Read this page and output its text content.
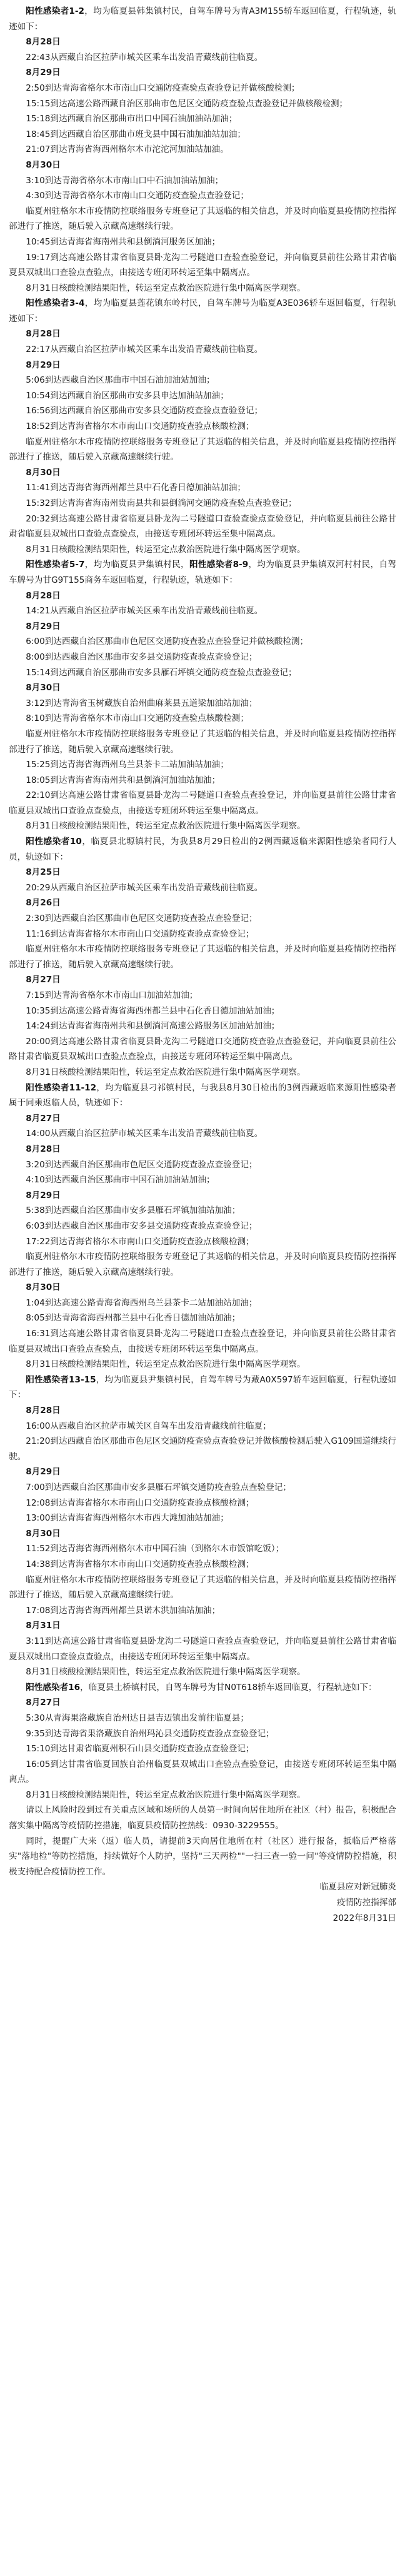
阳性感染者1-2，均为临夏县韩集镇村民，自驾车牌号为青A3M155轿车返回临夏，行程轨迹，轨迹如下：

8月28日

22:43从西藏自治区拉萨市城关区乘车出发沿青藏线前往临夏。

8月29日

2:50到达青海省格尔木市南山口交通防疫查验点查验登记并做核酸检测；

15:15到达高速公路西藏自治区那曲市色尼区交通防疫查验点查验登记并做核酸检测；

15:18到达西藏自治区那曲市出口中国石油加油站加油；

18:45到达西藏自治区那曲市班戈县中国石油加油站加油；

21:07到达青海省海西州格尔木市沱沱河加油站加油。

8月30日

3:10到达青海省格尔木市南山口中石油加油站加油；

4:30到达青海省格尔木市南山口交通防疫查验点查验登记；

临夏州驻格尔木市疫情防控联络服务专班登记了其返临的相关信息，并及时向临夏县疫情防控指挥部进行了推送，随后驶入京藏高速继续行驶。

10:45到达青海省海南州共和县倒淌河服务区加油；

19:17到达高速公路甘肃省临夏县卧龙沟二号隧道口查验查验登记，并向临夏县前往公路甘肃省临夏县双城出口查验点查验点，由接送专班闭环转运至集中隔离点。

8月31日核酸检测结果阳性，转运至定点救治医院进行集中隔离医学观察。

阳性感染者3-4，均为临夏县莲花镇东岭村民，自驾车牌号为临夏A3E036轿车返回临夏，行程轨迹如下：

8月28日

22:17从西藏自治区拉萨市城关区乘车出发沿青藏线前往临夏。

8月29日

5:06到达西藏自治区那曲市中国石油加油站加油；

10:54到达西藏自治区那曲市安多县申达加油站加油；

16:56到达西藏自治区那曲市安多县交通防疫查验点查验登记；

18:52到达青海省格尔木市南山口交通防疫查验点核酸检测；

临夏州驻格尔木市疫情防控联络服务专班登记了其返临的相关信息，并及时向临夏县疫情防控指挥部进行了推送，随后驶入京藏高速继续行驶。

8月30日

11:41到达青海省海西州都兰县中石化香日德加油站加油；

15:32到达青海省海南州贵南县共和县倒淌河交通防疫查验点查验登记；

20:32到达高速公路甘肃省临夏县卧龙沟二号隧道口查验查验点查验登记，并向临夏县前往公路甘肃省临夏县双城出口查验点查验点，由接送专班闭环转运至集中隔离点。

8月31日核酸检测结果阳性，转运至定点救治医院进行集中隔离医学观察。

阳性感染者5-7，均为临夏县尹集镇村民，阳性感染者8-9，均为临夏县尹集镇双河村村民，自驾车牌号为甘G9T155商务车返回临夏，行程轨迹，轨迹如下：

8月28日

14:21从西藏自治区拉萨市城关区乘车出发沿青藏线前往临夏。

8月29日

6:00到达西藏自治区那曲市色尼区交通防疫查验点查验登记并做核酸检测；

8:00到达西藏自治区那曲市安多县交通防疫查验点查验登记；

15:14到达西藏自治区那曲市安多县雁石坪镇交通防疫查验点查验登记；

8月30日

3:12到达青海省玉树藏族自治州曲麻莱县五道梁加油站加油；

8:10到达青海省格尔木市南山口交通防疫查验点核酸检测；

临夏州驻格尔木市疫情防控联络服务专班登记了其返临的相关信息，并及时向临夏县疫情防控指挥部进行了推送，随后驶入京藏高速继续行驶。

15:25到达青海省海西州乌兰县茶卡二站加油站加油；

18:05到达青海省海南州共和县倒淌河加油站加油；

22:10到达高速公路甘肃省临夏县卧龙沟二号隧道口查验点查验登记，并向临夏县前往公路甘肃省临夏县双城出口查验点查验点，由接送专班闭环转运至集中隔离点。

8月31日核酸检测结果阳性，转运至定点救治医院进行集中隔离医学观察。

阳性感染者10，临夏县北塬镇村民，为我县8月29日检出的2例西藏返临来源阳性感染者同行人员，轨迹如下：

8月25日

20:29从西藏自治区拉萨市城关区乘车出发沿青藏线前往临夏。

8月26日

2:30到达西藏自治区那曲市色尼区交通防疫查验点查验登记；

11:16到达青海省格尔木市南山口交通防疫查验点查验登记；

临夏州驻格尔木市疫情防控联络服务专班登记了其返临的相关信息，并及时向临夏县疫情防控指挥部进行了推送，随后驶入京藏高速继续行驶。

8月27日

7:15到达青海省格尔木市南山口加油站加油；

10:35到达高速公路青海省海西州都兰县中石化香日德加油站加油；

14:24到达青海省海南州共和县倒淌河高速公路服务区加油站加油；

20:00到达高速公路甘肃省临夏县卧龙沟二号隧道口交通防疫查验点查验登记，并向临夏县前往公路甘肃省临夏县双城出口查验点查验点，由接送专班闭环转运至集中隔离点。

8月31日核酸检测结果阳性，转运至定点救治医院进行集中隔离医学观察。

阳性感染者11-12，均为临夏县刁祁镇村民，与我县8月30日检出的3例西藏返临来源阳性感染者属于同乘返临人员，轨迹如下：

8月27日

14:00从西藏自治区拉萨市城关区乘车出发沿青藏线前往临夏。

8月28日

3:20到达西藏自治区那曲市色尼区交通防疫查验点查验登记；

4:10到达西藏自治区那曲市中国石油加油站加油；

8月29日

5:38到达西藏自治区那曲市安多县雁石坪镇加油站加油；

6:03到达西藏自治区那曲市安多县交通防疫查验点查验登记；

17:22到达青海省格尔木市南山口交通防疫查验点核酸检测；

临夏州驻格尔木市疫情防控联络服务专班登记了其返临的相关信息，并及时向临夏县疫情防控指挥部进行了推送，随后驶入京藏高速继续行驶。

8月30日

1:04到达高速公路青海省海西州乌兰县茶卡二站加油站加油；

8:05到达青海省海西州都兰县中石化香日德加油站加油；

16:31到达高速公路甘肃省临夏县卧龙沟二号隧道口查验点查验登记，并向临夏县前往公路甘肃省临夏县双城出口查验点查验点，由接送专班闭环转运至集中隔离点。

8月31日核酸检测结果阳性，转运至定点救治医院进行集中隔离医学观察。

阳性感染者13-15，均为临夏县尹集镇村民，自驾车牌号为藏A0X597轿车返回临夏，行程轨迹如下：

8月28日

16:00从西藏自治区拉萨市城关区自驾车出发沿青藏线前往临夏；

21:20到达西藏自治区那曲市色尼区交通防疫查验点查验登记并做核酸检测后驶入G109国道继续行驶。

8月29日

7:00到达西藏自治区那曲市安多县雁石坪镇交通防疫查验点查验登记；

12:08到达青海省格尔木市南山口交通防疫查验点核酸检测；

13:00到达青海省海西州格尔木市西大滩加油站加油；

8月30日

11:52到达青海省海西州格尔木市中国石油（到格尔木市饭馆吃饭）；

14:38到达青海省格尔木市南山口交通防疫查验点核酸检测；

临夏州驻格尔木市疫情防控联络服务专班登记了其返临的相关信息，并及时向临夏县疫情防控指挥部进行了推送，随后驶入京藏高速继续行驶。

17:08到达青海省海西州都兰县诺木洪加油站加油；

8月31日

3:11到达高速公路甘肃省临夏县卧龙沟二号隧道口查验点查验登记，并向临夏县前往公路甘肃省临夏县双城出口查验点查验点，由接送专班闭环转运至集中隔离点。

8月31日核酸检测结果阳性，转运至定点救治医院进行集中隔离医学观察。

阳性感染者16，临夏县土桥镇村民，自驾车牌号为甘N0T618轿车返回临夏，行程轨迹如下：

8月27日

5:30从青海果洛藏族自治州达日县吉迈镇出发前往临夏县；

9:35到达青海省果洛藏族自治州玛沁县交通防疫查验点查验登记；

15:10到达甘肃省临夏州积石山县交通防疫查验点查验登记；

16:05到达甘肃省临夏回族自治州临夏县双城出口查验点查验登记，由接送专班闭环转运至集中隔离点。

8月31日核酸检测结果阳性，转运至定点救治医院进行集中隔离医学观察。

请以上风险时段到过有关重点区域和场所的人员第一时间向居住地所在社区（村）报告，积极配合落实集中隔离等疫情防控措施，临夏县疫情防控热线：0930-3229555。

同时，提醒广大来（返）临人员，请提前3天向居住地所在村（社区）进行报备，抵临后严格落实"落地检"等防控措施，持续做好个人防护，坚持"三天两检""一扫三查一验一问"等疫情防控措施，积极支持配合疫情防控工作。

临夏县应对新冠肺炎

疫情防控指挥部

2022年8月31日
